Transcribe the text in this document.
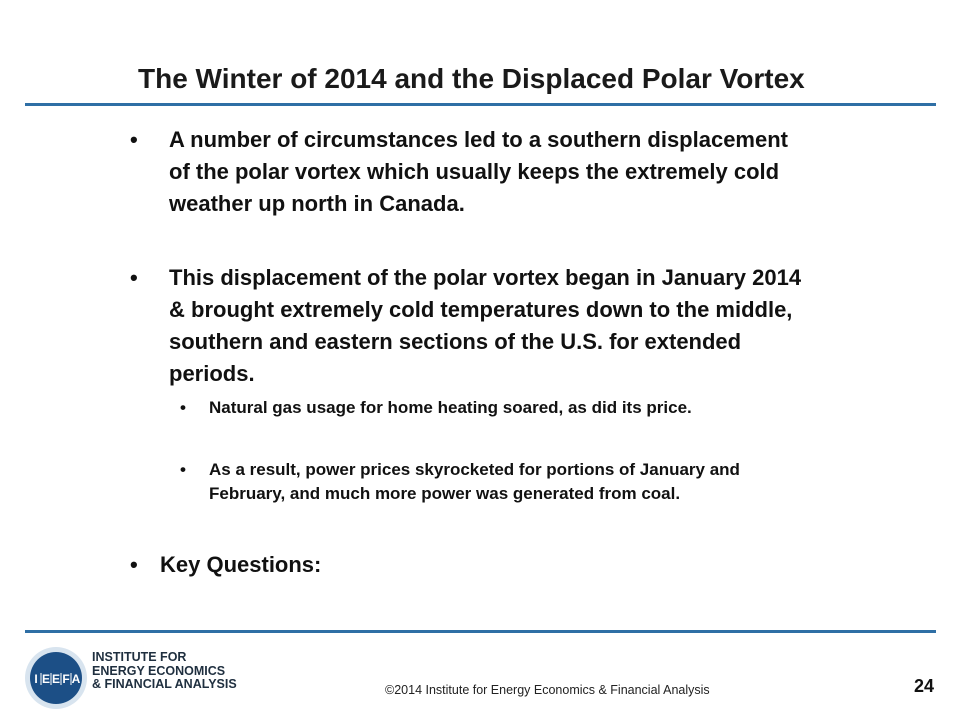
The Winter of 2014 and the Displaced Polar Vortex
• A number of circumstances led to a southern displacement of the polar vortex which usually keeps the extremely cold weather up north in Canada.
• This displacement of the polar vortex began in January 2014 & brought extremely cold temperatures down to the middle, southern and eastern sections of the U.S. for extended periods.
• Natural gas usage for home heating soared, as did its price.
• As a result, power prices skyrocketed for portions of January and February, and much more power was generated from coal.
• Key Questions:
I E E F A
INSTITUTE FOR
ENERGY ECONOMICS
& FINANCIAL ANALYSIS	©2014 Institute for Energy Economics & Financial Analysis	24
